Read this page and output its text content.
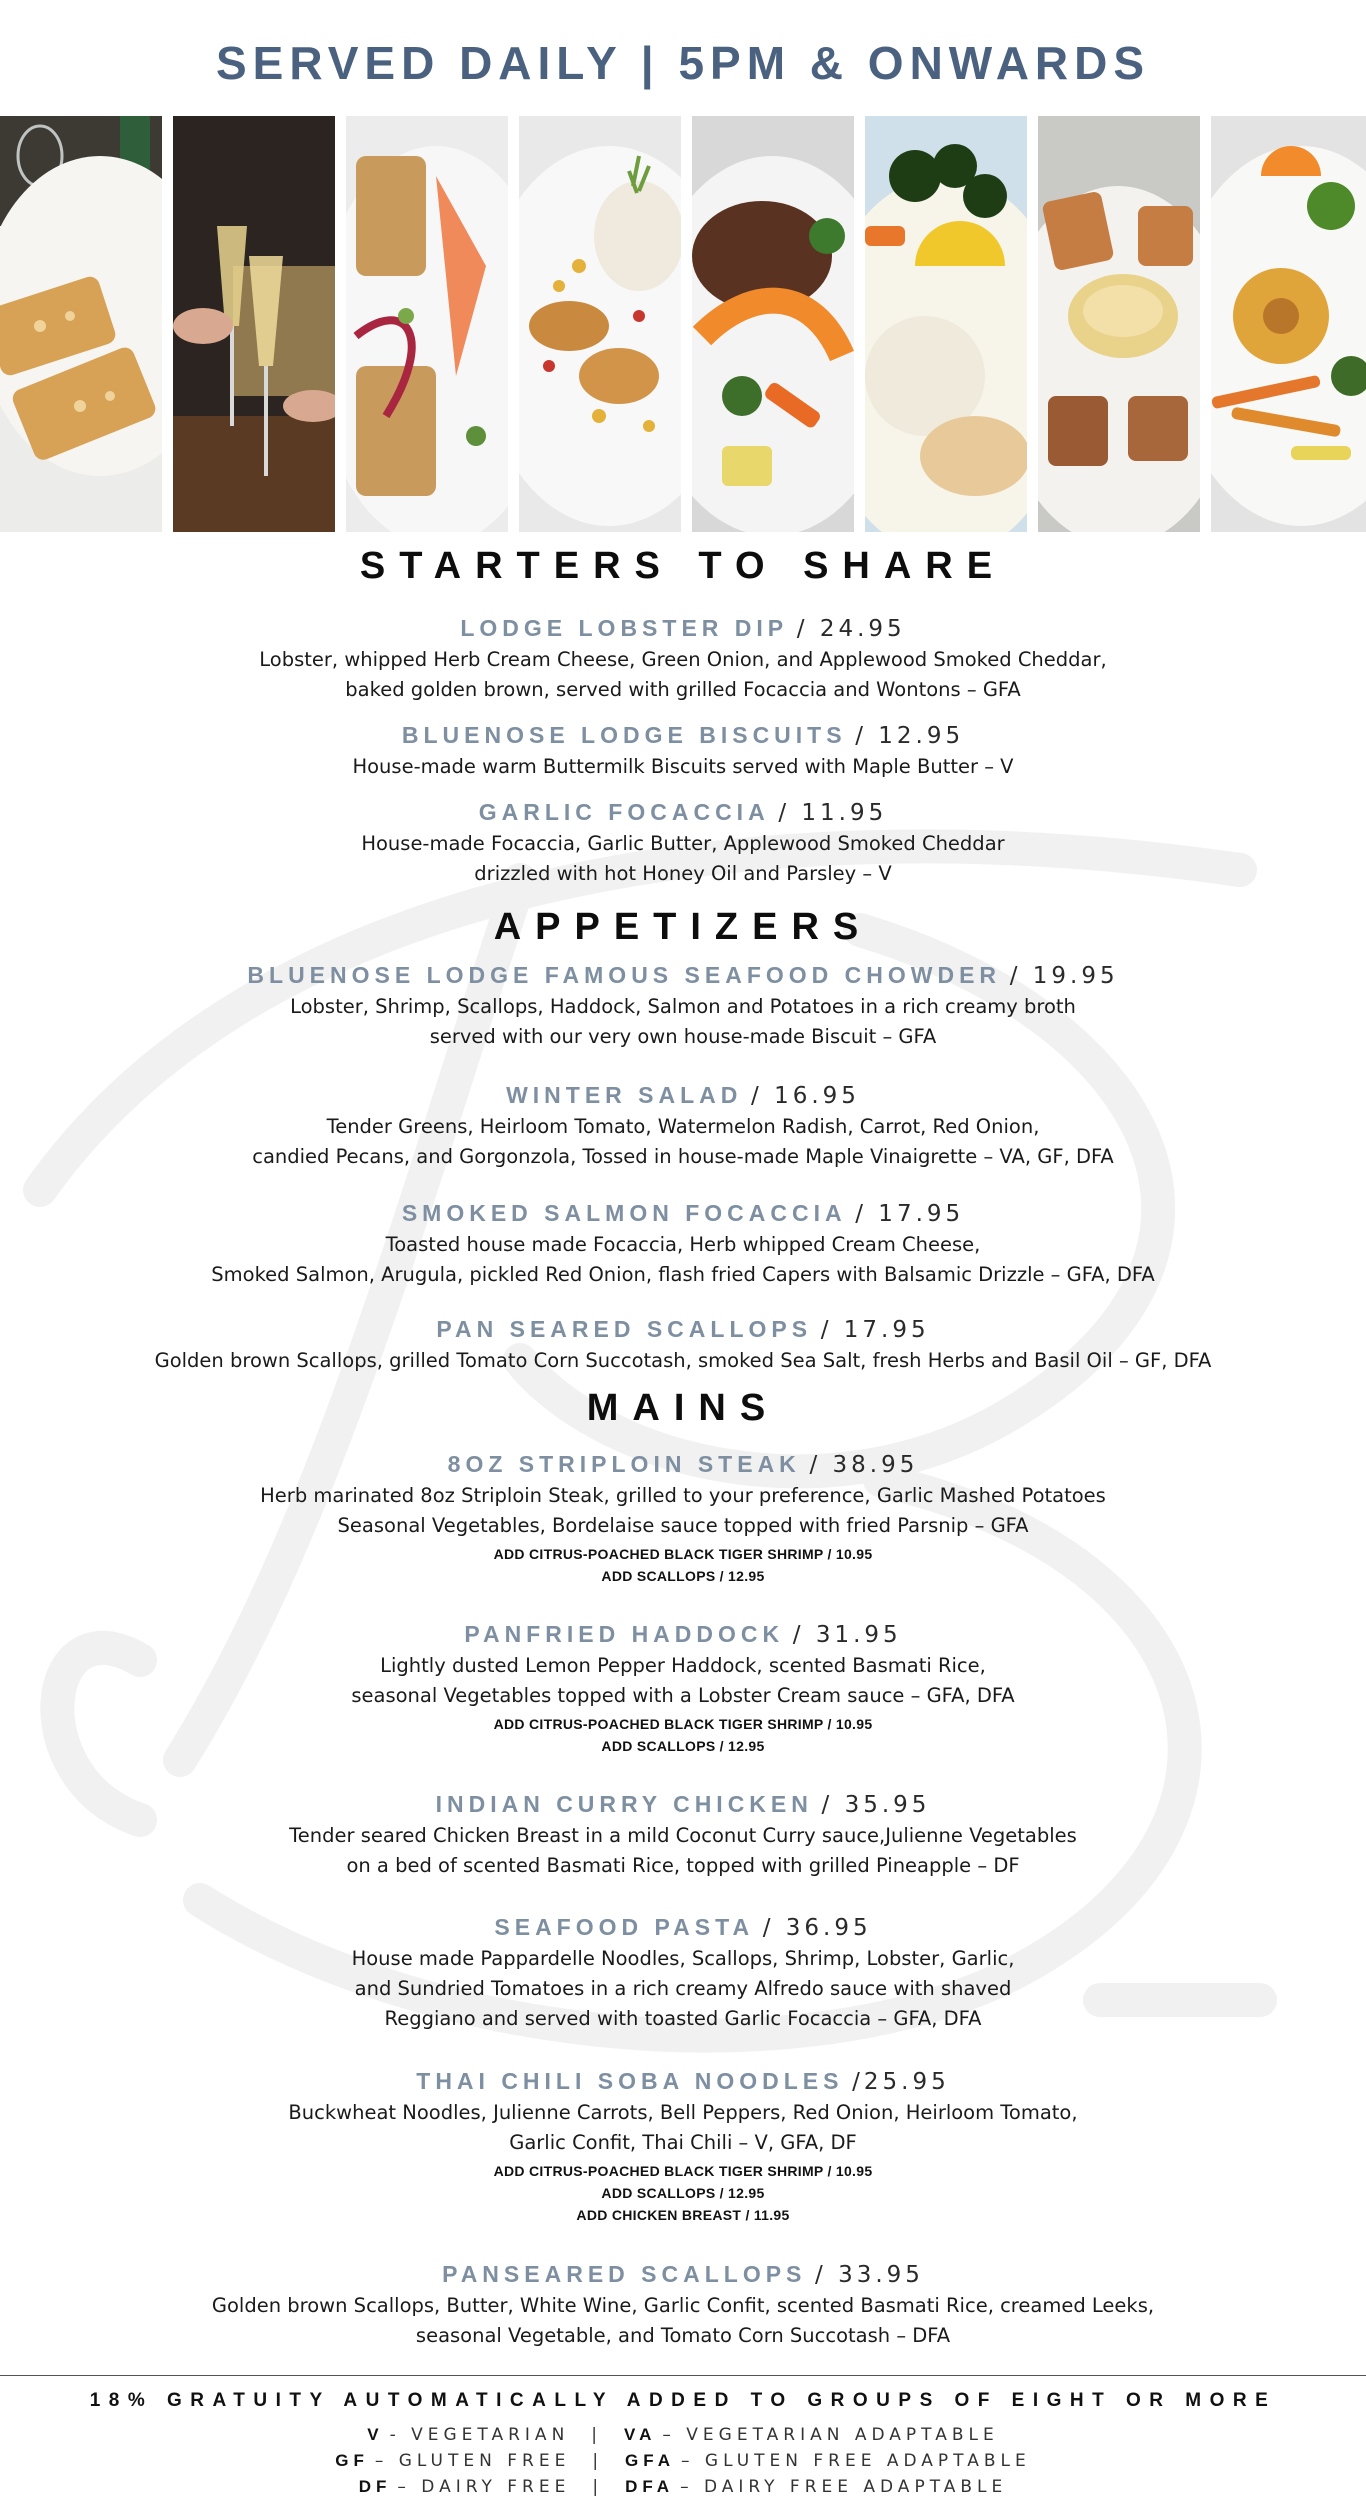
SERVED DAILY | 5PM & ONWARDS
STARTERS TO SHARE
LODGE LOBSTER DIP / 24.95

Lobster, whipped Herb Cream Cheese, Green Onion, and Applewood Smoked Cheddar,

baked golden brown, served with grilled Focaccia and Wontons – GFA

BLUENOSE LODGE BISCUITS / 12.95

House-made warm Buttermilk Biscuits served with Maple Butter – V

GARLIC FOCACCIA / 11.95

House-made Focaccia, Garlic Butter, Applewood Smoked Cheddar

drizzled with hot Honey Oil and Parsley – V

APPETIZERS
BLUENOSE LODGE FAMOUS SEAFOOD CHOWDER / 19.95

Lobster, Shrimp, Scallops, Haddock, Salmon and Potatoes in a rich creamy broth

served with our very own house-made Biscuit – GFA

WINTER SALAD / 16.95

Tender Greens, Heirloom Tomato, Watermelon Radish, Carrot, Red Onion,

candied Pecans, and Gorgonzola, Tossed in house-made Maple Vinaigrette – VA, GF, DFA

SMOKED SALMON FOCACCIA / 17.95

Toasted house made Focaccia, Herb whipped Cream Cheese,

Smoked Salmon, Arugula, pickled Red Onion, flash fried Capers with Balsamic Drizzle – GFA, DFA

PAN SEARED SCALLOPS / 17.95

Golden brown Scallops, grilled Tomato Corn Succotash, smoked Sea Salt, fresh Herbs and Basil Oil – GF, DFA

MAINS
8OZ STRIPLOIN STEAK / 38.95

Herb marinated 8oz Striploin Steak, grilled to your preference, Garlic Mashed Potatoes

Seasonal Vegetables, Bordelaise sauce topped with fried Parsnip – GFA

ADD CITRUS-POACHED BLACK TIGER SHRIMP / 10.95
ADD SCALLOPS / 12.95
PANFRIED HADDOCK / 31.95

Lightly dusted Lemon Pepper Haddock, scented Basmati Rice,

seasonal Vegetables topped with a Lobster Cream sauce – GFA, DFA

ADD CITRUS-POACHED BLACK TIGER SHRIMP / 10.95
ADD SCALLOPS / 12.95
INDIAN CURRY CHICKEN / 35.95

Tender seared Chicken Breast in a mild Coconut Curry sauce,Julienne Vegetables

on a bed of scented Basmati Rice, topped with grilled Pineapple – DF

SEAFOOD PASTA / 36.95

House made Pappardelle Noodles, Scallops, Shrimp, Lobster, Garlic,

and Sundried Tomatoes in a rich creamy Alfredo sauce with shaved

Reggiano and served with toasted Garlic Focaccia – GFA, DFA

THAI CHILI SOBA NOODLES /25.95

Buckwheat Noodles, Julienne Carrots, Bell Peppers, Red Onion, Heirloom Tomato,

Garlic Confit, Thai Chili – V, GFA, DF

ADD CITRUS-POACHED BLACK TIGER SHRIMP / 10.95
ADD SCALLOPS / 12.95
ADD CHICKEN BREAST / 11.95
PANSEARED SCALLOPS / 33.95

Golden brown Scallops, Butter, White Wine, Garlic Confit, scented Basmati Rice, creamed Leeks,

seasonal Vegetable, and Tomato Corn Succotash – DFA

18% GRATUITY AUTOMATICALLY ADDED TO GROUPS OF EIGHT OR MORE
V - VEGETARIAN | VA – VEGETARIAN ADAPTABLE
GF – GLUTEN FREE | GFA – GLUTEN FREE ADAPTABLE
DF – DAIRY FREE | DFA – DAIRY FREE ADAPTABLE
